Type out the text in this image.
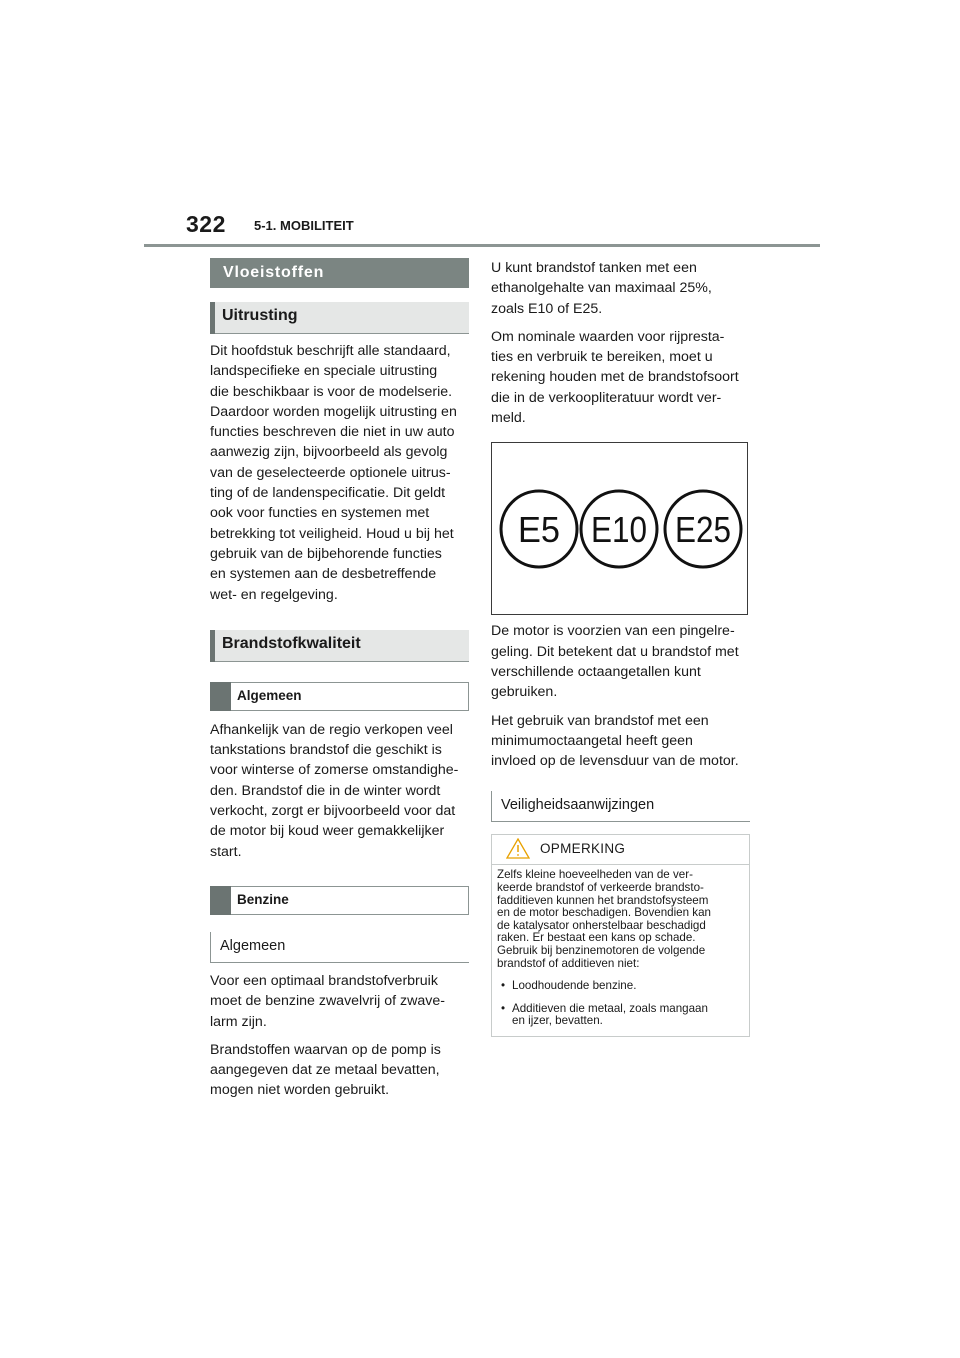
322 5-1. MOBILITEIT
Vloeistoffen
Uitrusting

Dit hoofdstuk beschrijft alle standaard,
landspecifieke en speciale uitrusting
die beschikbaar is voor de modelserie.
Daardoor worden mogelijk uitrusting en
functies beschreven die niet in uw auto
aanwezig zijn, bijvoorbeeld als gevolg
van de geselecteerde optionele uitrus-
ting of de landenspecificatie. Dit geldt
ook voor functies en systemen met
betrekking tot veiligheid. Houd u bij het
gebruik van de bijbehorende functies
en systemen aan de desbetreffende
wet- en regelgeving.

Brandstofkwaliteit
Algemeen

Afhankelijk van de regio verkopen veel
tankstations brandstof die geschikt is
voor winterse of zomerse omstandighe-
den. Brandstof die in de winter wordt
verkocht, zorgt er bijvoorbeeld voor dat
de motor bij koud weer gemakkelijker
start.

Benzine
Algemeen

Voor een optimaal brandstofverbruik
moet de benzine zwavelvrij of zwave-
larm zijn.

Brandstoffen waarvan op de pomp is
aangegeven dat ze metaal bevatten,
mogen niet worden gebruikt.

U kunt brandstof tanken met een
ethanolgehalte van maximaal 25%,
zoals E10 of E25.

Om nominale waarden voor rijpresta-
ties en verbruik te bereiken, moet u
rekening houden met de brandstofsoort
die in de verkoopliteratuur wordt ver-
meld.

E5 E10 E25

De motor is voorzien van een pingelre-
geling. Dit betekent dat u brandstof met
verschillende octaangetallen kunt
gebruiken.

Het gebruik van brandstof met een
minimumoctaangetal heeft geen
invloed op de levensduur van de motor.

Veiligheidsaanwijzingen
OPMERKING
Zelfs kleine hoeveelheden van de ver-
keerde brandstof of verkeerde brandsto-
fadditieven kunnen het brandstofsysteem
en de motor beschadigen. Bovendien kan
de katalysator onherstelbaar beschadigd
raken. Er bestaat een kans op schade.
Gebruik bij benzinemotoren de volgende
brandstof of additieven niet:
• Loodhoudende benzine.
• Additieven die metaal, zoals mangaan
en ijzer, bevatten.
